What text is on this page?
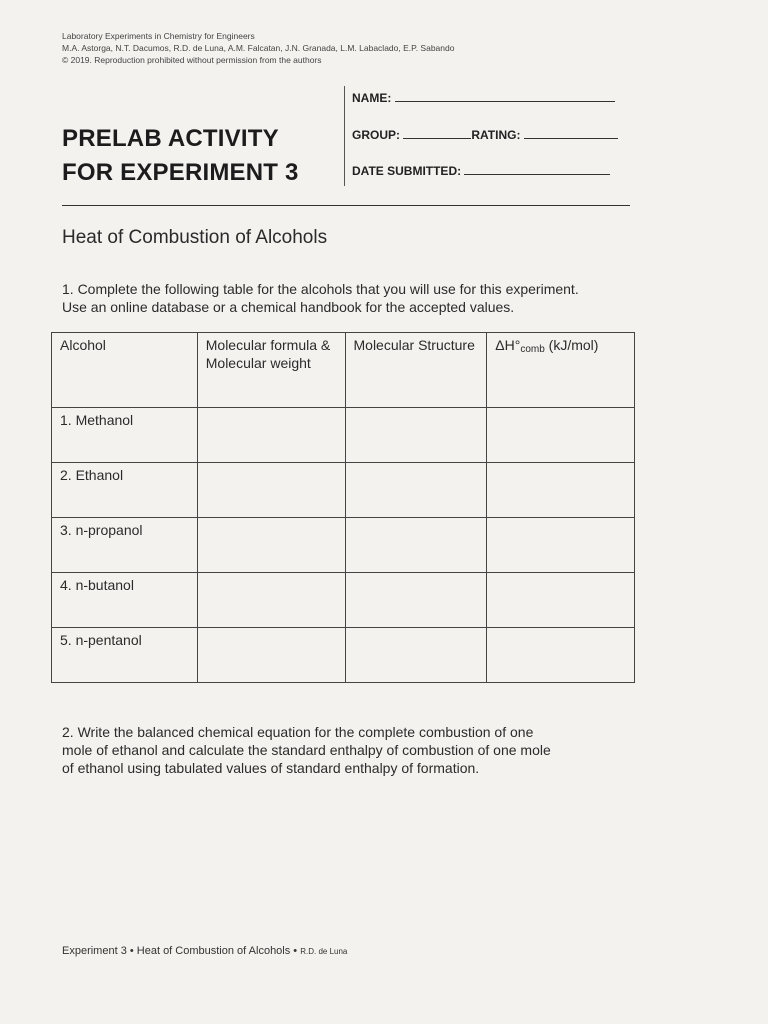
Laboratory Experiments in Chemistry for Engineers
M.A. Astorga, N.T. Dacumos, R.D. de Luna, A.M. Falcatan, J.N. Granada, L.M. Labaclado, E.P. Sabando
© 2019. Reproduction prohibited without permission from the authors
PRELAB ACTIVITY
FOR EXPERIMENT 3
NAME:
GROUP:	RATING:
DATE SUBMITTED:
Heat of Combustion of Alcohols
1. Complete the following table for the alcohols that you will use for this experiment.
Use an online database or a chemical handbook for the accepted values.
Alcohol	Molecular formula & Molecular weight	Molecular Structure	$\Delta H^\circ_{comb}$ (kJ/mol)
1. Methanol			
2. Ethanol			
3. n-propanol			
4. n-butanol			
5. n-pentanol			
2. Write the balanced chemical equation for the complete combustion of one
mole of ethanol and calculate the standard enthalpy of combustion of one mole
of ethanol using tabulated values of standard enthalpy of formation.
Experiment 3 • Heat of Combustion of Alcohols • R.D. de Luna
